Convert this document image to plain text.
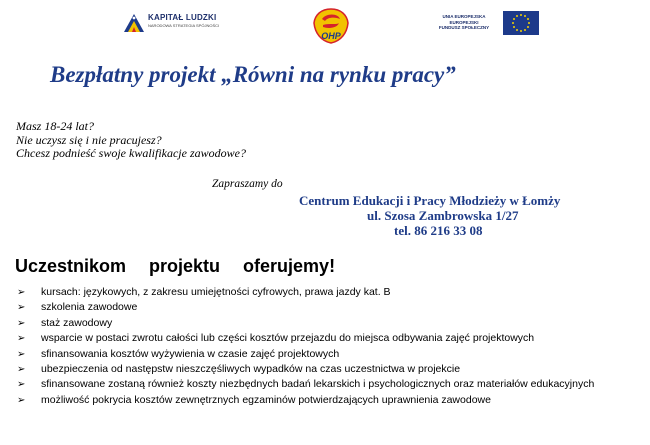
KAPITAŁ LUDZKI
NARODOWA STRATEGIA SPÓJNOŚCI
OHP
UNIA EUROPEJSKA
EUROPEJSKI
FUNDUSZ SPOŁECZNY
Bezpłatny projekt „Równi na rynku pracy”
Masz 18-24 lat?
Nie uczysz się i nie pracujesz?
Chcesz podnieść swoje kwalifikacje zawodowe?
Zapraszamy do
Centrum Edukacji i Pracy Młodzieży w Łomży
ul. Szosa Zambrowska 1/27
tel. 86 216 33 08
Uczestnikom projektu oferujemy!
➢	kursach: językowych, z zakresu umiejętności cyfrowych, prawa jazdy kat. B
➢	szkolenia zawodowe
➢	staż zawodowy
➢	wsparcie w postaci zwrotu całości lub części kosztów przejazdu do miejsca odbywania zajęć projektowych
➢	sfinansowania kosztów wyżywienia w czasie zajęć projektowych
➢	ubezpieczenia od następstw nieszczęśliwych wypadków na czas uczestnictwa w projekcie
➢	sfinansowane zostaną również koszty niezbędnych badań lekarskich i psychologicznych oraz materiałów edukacyjnych
➢	możliwość pokrycia kosztów zewnętrznych egzaminów potwierdzających uprawnienia zawodowe
